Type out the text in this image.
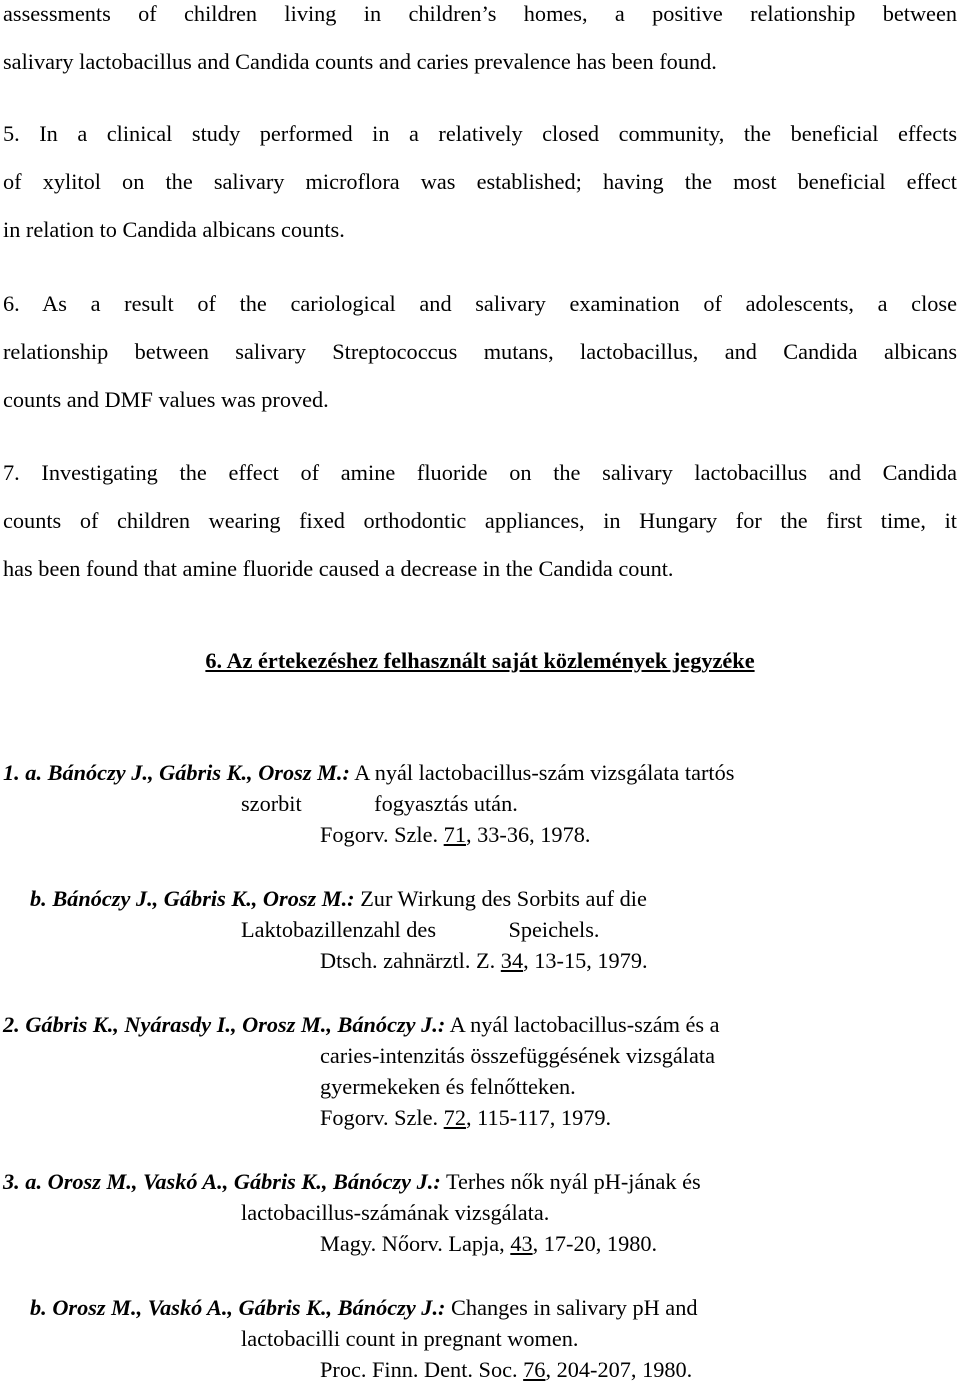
assessments of children living in children’s homes, a positive relationship between
salivary lactobacillus and Candida counts and caries prevalence has been found.
5. In a clinical study performed in a relatively closed community, the beneficial effects
of xylitol on the salivary microflora was established; having the most beneficial effect
in relation to Candida albicans counts.
6. As a result of the cariological and salivary examination of adolescents, a close
relationship between salivary Streptococcus mutans, lactobacillus, and Candida albicans
counts and DMF values was proved.
7. Investigating the effect of amine fluoride on the salivary lactobacillus and Candida
counts of children wearing fixed orthodontic appliances, in Hungary for the first time, it
has been found that amine fluoride caused a decrease in the Candida count.
6. Az értekezéshez felhasznált saját közlemények jegyzéke
1. a. Bánóczy J., Gábris K., Orosz M.: A nyál lactobacillus-szám vizsgálata tartós
szorbit             fogyasztás után.
Fogorv. Szle. 71, 33-36, 1978.
b. Bánóczy J., Gábris K., Orosz M.: Zur Wirkung des Sorbits auf die
Laktobazillenzahl des             Speichels.
Dtsch. zahnärztl. Z. 34, 13-15, 1979.
2. Gábris K., Nyárasdy I., Orosz M., Bánóczy J.: A nyál lactobacillus-szám és a
caries-intenzitás összefüggésének vizsgálata
gyermekeken és felnőtteken.
Fogorv. Szle. 72, 115-117, 1979.
3. a. Orosz M., Vaskó A., Gábris K., Bánóczy J.: Terhes nők nyál pH-jának és
lactobacillus-számának vizsgálata.
Magy. Nőorv. Lapja, 43, 17-20, 1980.
b. Orosz M., Vaskó A., Gábris K., Bánóczy J.: Changes in salivary pH and
lactobacilli count in pregnant women.
Proc. Finn. Dent. Soc. 76, 204-207, 1980.
